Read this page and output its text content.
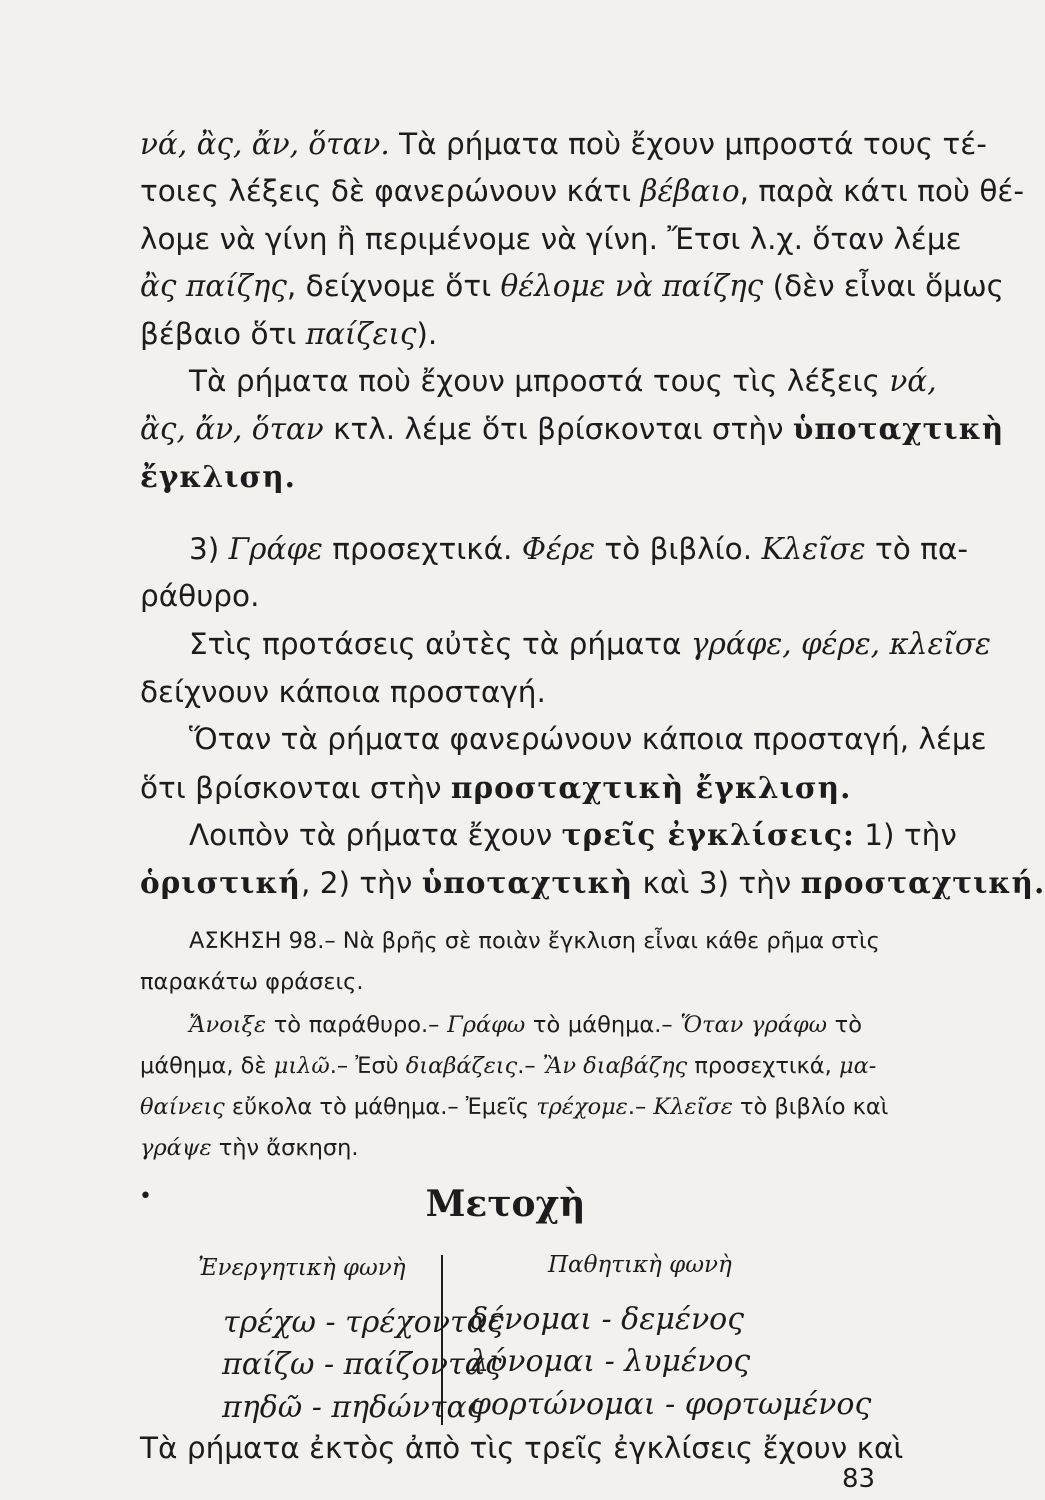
νά, ἂς, ἄν, ὅταν. Τὰ ρήματα ποὺ ἔχουν μπροστά τους τέ-
τοιες λέξεις δὲ φανερώνουν κάτι βέβαιο, παρὰ κάτι ποὺ θέ-
λομε νὰ γίνη ἢ περιμένομε νὰ γίνη. Ἔτσι λ.χ. ὅταν λέμε
ἂς παίζης, δείχνομε ὅτι θέλομε νὰ παίζης (δὲν εἶναι ὅμως
βέβαιο ὅτι παίζεις).
Τὰ ρήματα ποὺ ἔχουν μπροστά τους τὶς λέξεις νά,
ἂς, ἄν, ὅταν κτλ. λέμε ὅτι βρίσκονται στὴν ὑποταχτικὴ
ἔγκλιση.
3) Γράφε προσεχτικά. Φέρε τὸ βιβλίο. Κλεῖσε τὸ πα-
ράθυρο.
Στὶς προτάσεις αὐτὲς τὰ ρήματα γράφε, φέρε, κλεῖσε
δείχνουν κάποια προσταγή.
Ὅταν τὰ ρήματα φανερώνουν κάποια προσταγή, λέμε
ὅτι βρίσκονται στὴν προσταχτικὴ ἔγκλιση.
Λοιπὸν τὰ ρήματα ἔχουν τρεῖς ἐγκλίσεις: 1) τὴν
ὁριστική, 2) τὴν ὑποταχτικὴ καὶ 3) τὴν προσταχτική.
ΑΣΚΗΣΗ 98.– Νὰ βρῆς σὲ ποιὰν ἔγκλιση εἶναι κάθε ρῆμα στὶς
παρακάτω φράσεις.
Ἄνοιξε τὸ παράθυρο.– Γράφω τὸ μάθημα.– Ὅταν γράφω τὸ
μάθημα, δὲ μιλῶ.– Ἐσὺ διαβάζεις.– Ἂν διαβάζης προσεχτικά, μα-
θαίνεις εὔκολα τὸ μάθημα.– Ἐμεῖς τρέχομε.– Κλεῖσε τὸ βιβλίο καὶ
γράψε τὴν ἄσκηση.
•	Μετοχὴ
Ἐνεργητικὴ φωνὴ	Παθητικὴ φωνὴ
τρέχω - τρέχοντας
παίζω - παίζοντας
πηδῶ - πηδώντας
δένομαι - δεμένος
λύνομαι - λυμένος
φορτώνομαι - φορτωμένος
Τὰ ρήματα ἐκτὸς ἀπὸ τὶς τρεῖς ἐγκλίσεις ἔχουν καὶ
83
